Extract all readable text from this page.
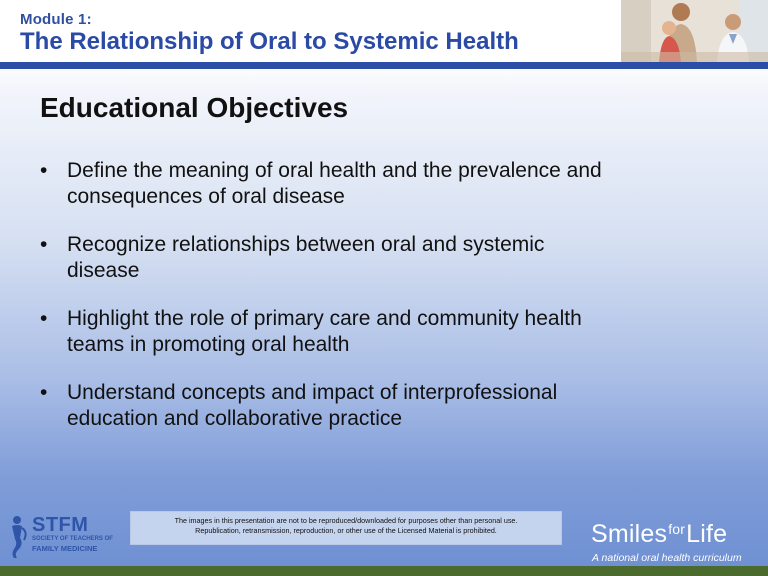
Module 1:
The Relationship of Oral to Systemic Health
Educational Objectives
• Define the meaning of oral health and the prevalence and
consequences of oral disease
• Recognize relationships between oral and systemic
disease
• Highlight the role of primary care and community health
teams in promoting oral health
• Understand concepts and impact of interprofessional
education and collaborative practice
STFM
SOCIETY OF TEACHERS OF
FAMILY MEDICINE
The images in this presentation are not to be reproduced/downloaded for purposes other than personal use.
Republication, retransmission, reproduction, or other use of the Licensed Material is prohibited.	SmilesforLife
A national oral health curriculum
